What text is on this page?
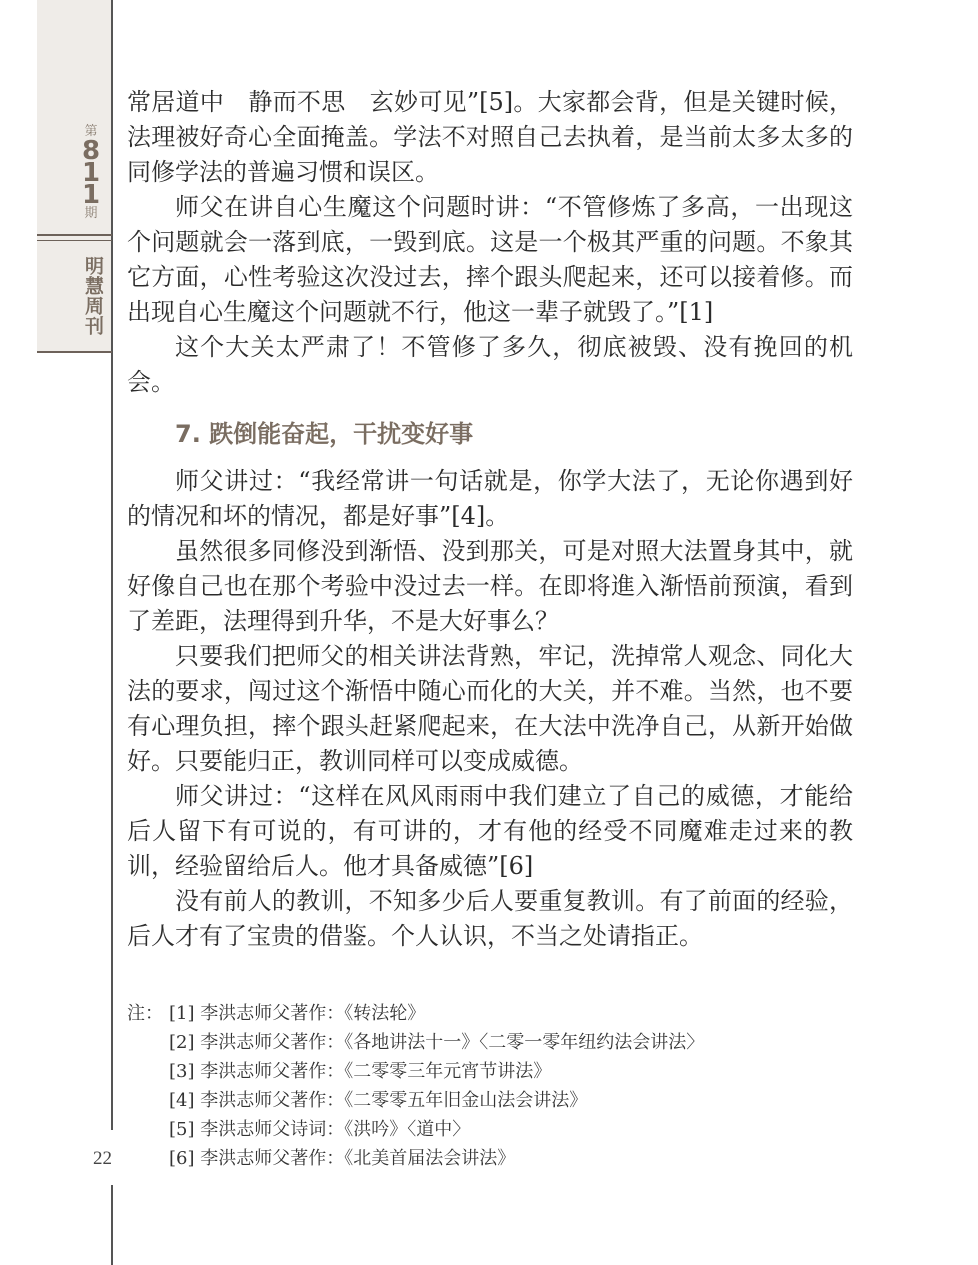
第
8
1
1
期
明慧周刊
22

常居道中　静而不思　玄妙可见”[5]。大家都会背，但是关键时候，法理被好奇心全面掩盖。学法不对照自己去执着，是当前太多太多的同修学法的普遍习惯和误区。

师父在讲自心生魔这个问题时讲：“不管修炼了多高，一出现这个问题就会一落到底，一毁到底。这是一个极其严重的问题。不象其它方面，心性考验这次没过去，摔个跟头爬起来，还可以接着修。而出现自心生魔这个问题就不行，他这一辈子就毁了。”[1]

这个大关太严肃了！不管修了多久，彻底被毁、没有挽回的机会。

7. 跌倒能奋起，干扰变好事

师父讲过：“我经常讲一句话就是，你学大法了，无论你遇到好的情况和坏的情况，都是好事”[4]。

虽然很多同修没到渐悟、没到那关，可是对照大法置身其中，就好像自己也在那个考验中没过去一样。在即将進入渐悟前预演，看到了差距，法理得到升华，不是大好事么？

只要我们把师父的相关讲法背熟，牢记，洗掉常人观念、同化大法的要求，闯过这个渐悟中随心而化的大关，并不难。当然，也不要有心理负担，摔个跟头赶紧爬起来，在大法中洗净自己，从新开始做好。只要能归正，教训同样可以变成威德。

师父讲过：“这样在风风雨雨中我们建立了自己的威德，才能给后人留下有可说的，有可讲的，才有他的经受不同魔难走过来的教训，经验留给后人。他才具备威德”[6]

没有前人的教训，不知多少后人要重复教训。有了前面的经验，后人才有了宝贵的借鉴。个人认识，不当之处请指正。

注： [1] 李洪志师父著作：《转法轮》
[2] 李洪志师父著作：《各地讲法十一》〈二零一零年纽约法会讲法〉
[3] 李洪志师父著作：《二零零三年元宵节讲法》
[4] 李洪志师父著作：《二零零五年旧金山法会讲法》
[5] 李洪志师父诗词：《洪吟》〈道中〉
[6] 李洪志师父著作：《北美首届法会讲法》
